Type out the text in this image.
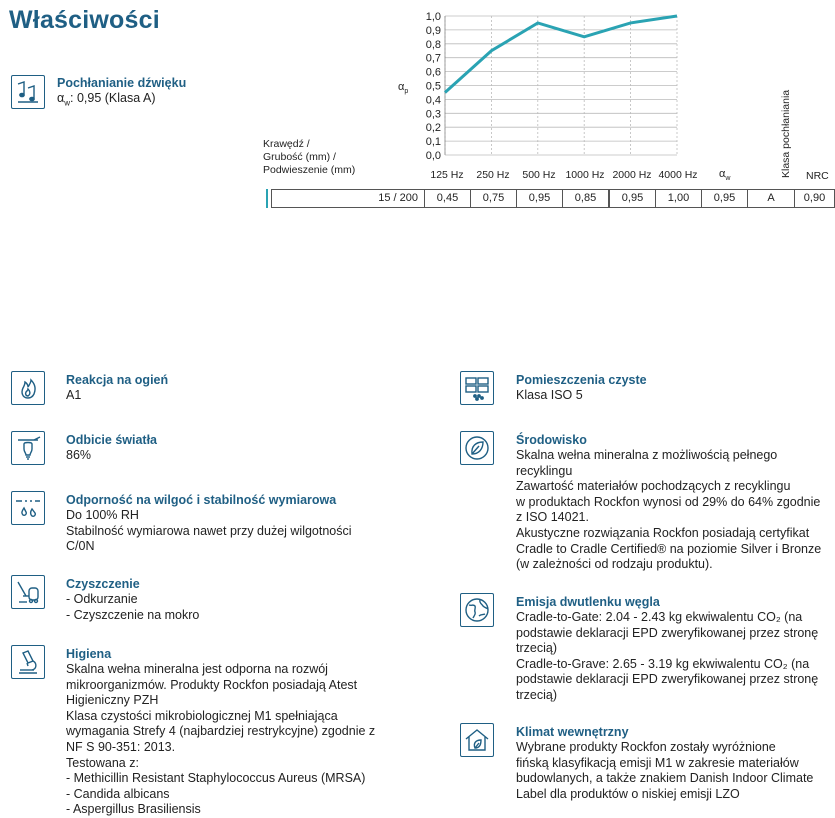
Właściwości
Pochłanianie dźwięku
$\alpha_w$: 0,95 (Klasa A)
1,0
0,9
0,8
0,7
0,6
0,5
0,4
0,3
0,2
0,1
0,0
$\alpha_p$
125 Hz	250 Hz	500 Hz 1000 Hz 2000 Hz 4000 Hz
Krawędź /
Grubość (mm) /
Podwieszenie (mm)	$\alpha_w$
Klasa pochłaniania NRC
15 / 200	0,45	0,75	0,95	0,85	0,95	1,00	0,95	A	0,90
Reakcja na ogień
A1
Odbicie światła
86%
Odporność na wilgoć i stabilność wymiarowa
Do 100% RH
Stabilność wymiarowa nawet przy dużej wilgotności
C/0N
Czyszczenie
- Odkurzanie
- Czyszczenie na mokro
Higiena
Skalna wełna mineralna jest odporna na rozwój
mikroorganizmów. Produkty Rockfon posiadają Atest
Higieniczny PZH
Klasa czystości mikrobiologicznej M1 spełniająca
wymagania Strefy 4 (najbardziej restrykcyjne) zgodnie z
NF S 90-351: 2013.
Testowana z:
- Methicillin Resistant Staphylococcus Aureus (MRSA)
- Candida albicans
- Aspergillus Brasiliensis
Pomieszczenia czyste
Klasa ISO 5
Środowisko
Skalna wełna mineralna z możliwością pełnego
recyklingu
Zawartość materiałów pochodzących z recyklingu
w produktach Rockfon wynosi od 29% do 64% zgodnie
z ISO 14021.
Akustyczne rozwiązania Rockfon posiadają certyfikat
Cradle to Cradle Certified® na poziomie Silver i Bronze
(w zależności od rodzaju produktu).
Emisja dwutlenku węgla
Cradle-to-Gate: 2.04 - 2.43 kg ekwiwalentu CO₂ (na
podstawie deklaracji EPD zweryfikowanej przez stronę
trzecią)
Cradle-to-Grave: 2.65 - 3.19 kg ekwiwalentu CO₂ (na
podstawie deklaracji EPD zweryfikowanej przez stronę
trzecią)
Klimat wewnętrzny
Wybrane produkty Rockfon zostały wyróżnione
fińską klasyfikacją emisji M1 w zakresie materiałów
budowlanych, a także znakiem Danish Indoor Climate
Label dla produktów o niskiej emisji LZO
